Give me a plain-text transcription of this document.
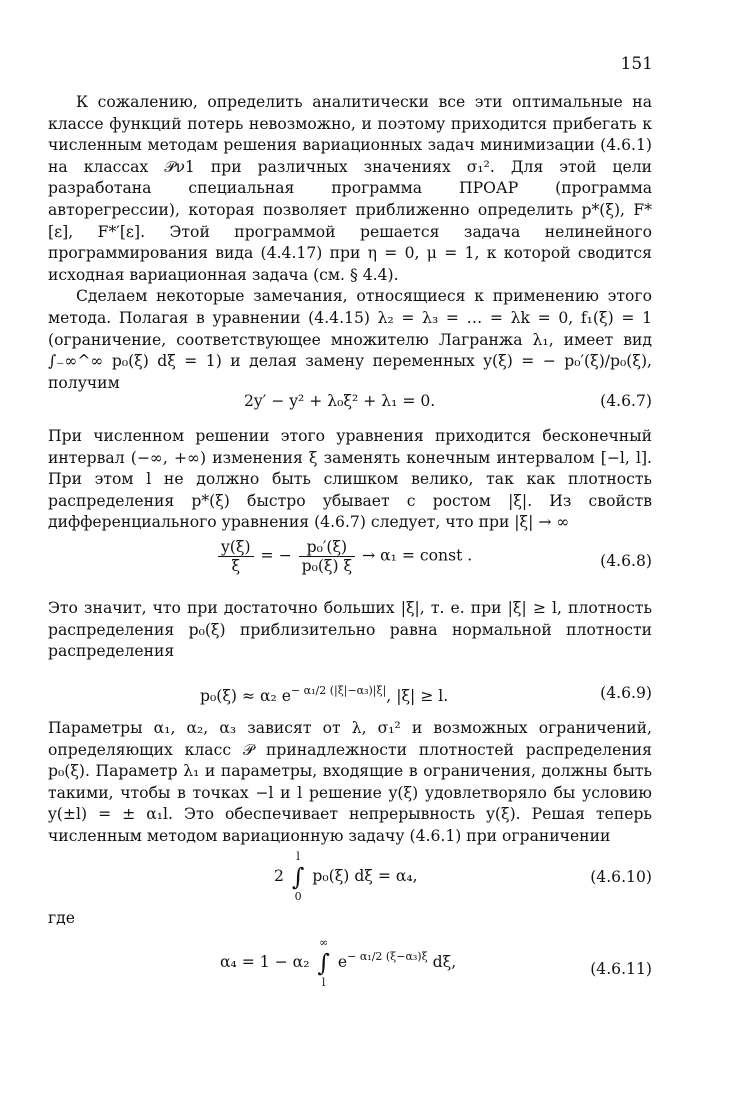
151

К сожалению, определить аналитически все эти оптимальные на классе функций потерь невозможно, и поэтому приходится прибегать к численным методам решения вариационных задач минимизации (4.6.1) на классах 𝒫ν1 при различных значениях σ₁². Для этой цели разработана специальная программа ПРОАР (программа авторегрессии), которая позволяет приближенно определить p*(ξ), F*[ε], F*′[ε]. Этой программой решается задача нелинейного программирования вида (4.4.17) при η = 0, μ = 1, к которой сводится исходная вариационная задача (см. § 4.4).

Сделаем некоторые замечания, относящиеся к применению этого метода. Полагая в уравнении (4.4.15) λ₂ = λ₃ = … = λk = 0, f₁(ξ) = 1 (ограничение, соответствующее множителю Лагранжа λ₁, имеет вид ∫₋∞^∞ p₀(ξ) dξ = 1) и делая замену переменных y(ξ) = − p₀′(ξ)/p₀(ξ), получим

2y′ − y² + λ₀ξ² + λ₁ = 0.	(4.6.7)

При численном решении этого уравнения приходится бесконечный интервал (−∞, +∞) изменения ξ заменять конечным интервалом [−l, l]. При этом l не должно быть слишком велико, так как плотность распределения p*(ξ) быстро убывает с ростом |ξ|. Из свойств дифференциального уравнения (4.6.7) следует, что при |ξ| → ∞

$\frac{y(\xi)}{\xi}$ = − $\frac{\text{p₀′(ξ)}}{\text{p₀(ξ) ξ}} \to \alpha_1$ = const .	(4.6.8)

Это значит, что при достаточно больших |ξ|, т. е. при |ξ| ≥ l, плотность распределения p₀(ξ) приблизительно равна нормальной плотности распределения

p₀(ξ) ≈ α₂ $e^{- \alpha_1/2 (|\xi|-\alpha_3)|\xi|}$, |ξ| ≥ l.	(4.6.9)

Параметры α₁, α₂, α₃ зависят от λ, σ₁² и возможных ограничений, определяющих класс 𝒫 принадлежности плотностей распределения p₀(ξ). Параметр λ₁ и параметры, входящие в ограничения, должны быть такими, чтобы в точках −l и l решение y(ξ) удовлетворяло бы условию y(±l) = ± α₁l. Это обеспечивает непрерывность y(ξ). Решая теперь численным методом вариационную задачу (4.6.1) при ограничении

2
l
∫
0
p₀(ξ) dξ = α₄,	(4.6.10)

где

α₄ = 1 − α₂
∞
∫
l
$e^{- \alpha_1/2 (\xi-\alpha_3)\xi}$ dξ,	(4.6.11)
